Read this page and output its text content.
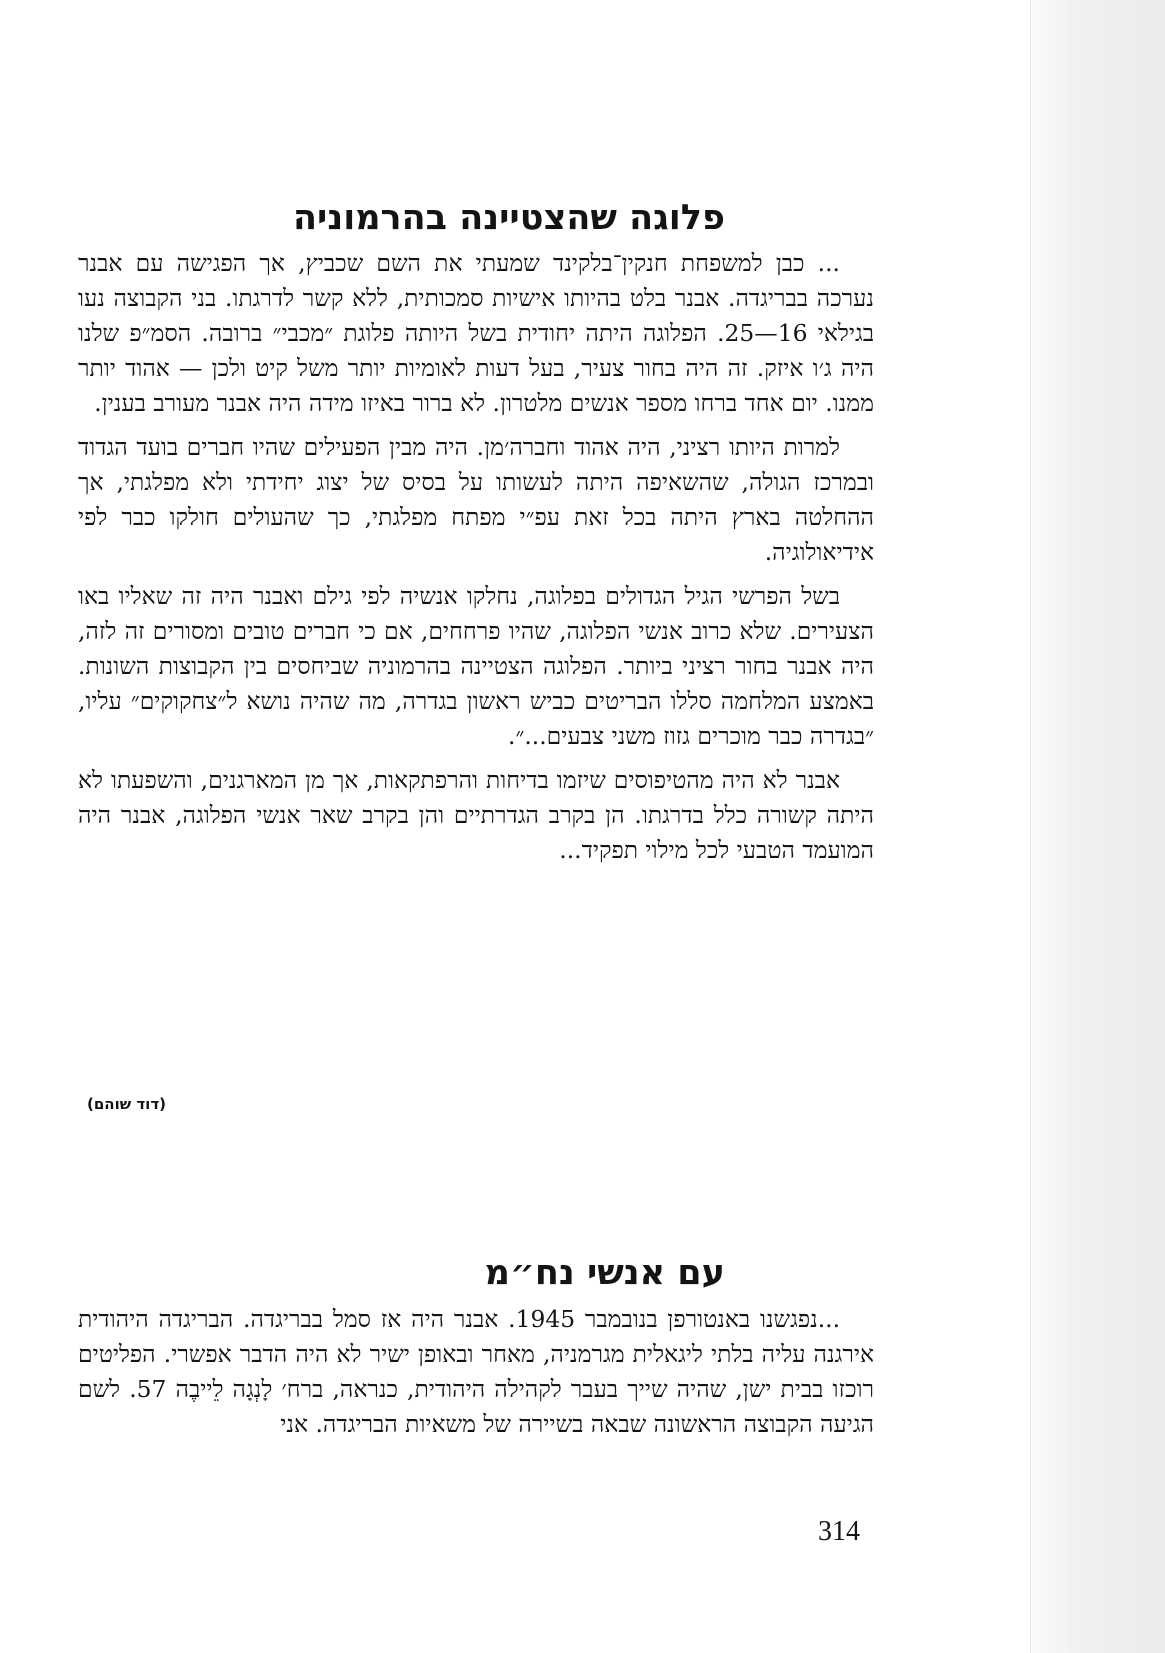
פלוגה שהצטיינה בהרמוניה

... כבן למשפחת חנקין־בלקינד שמעתי את השם שכביץ, אך הפגישה עם אבנר נערכה בבריגדה. אבנר בלט בהיותו אישיות סמכותית, ללא קשר לדרגתו. בני הקבוצה נעו בגילאי 16—25. הפלוגה היתה יחודית בשל היותה פלוגת ״מכבי״ ברובה. הסמ״פ שלנו היה ג׳ו איזק. זה היה בחור צעיר, בעל דעות לאומיות יותר משל קיט ולכן — אהוד יותר ממנו. יום אחד ברחו מספר אנשים מלטרון. לא ברור באיזו מידה היה אבנר מעורב בענין.

למרות היותו רציני, היה אהוד וחברה׳מן. היה מבין הפעילים שהיו חברים בועד הגדוד ובמרכז הגולה, שהשאיפה היתה לעשותו על בסיס של יצוג יחידתי ולא מפלגתי, אך ההחלטה בארץ היתה בכל זאת עפ״י מפתח מפלגתי, כך שהעולים חולקו כבר לפי אידיאולוגיה.

בשל הפרשי הגיל הגדולים בפלוגה, נחלקו אנשיה לפי גילם ואבנר היה זה שאליו באו הצעירים. שלא כרוב אנשי הפלוגה, שהיו פרחחים, אם כי חברים טובים ומסורים זה לזה, היה אבנר בחור רציני ביותר. הפלוגה הצטיינה בהרמוניה שביחסים בין הקבוצות השונות. באמצע המלחמה סללו הבריטים כביש ראשון בגדרה, מה שהיה נושא ל״צחקוקים״ עליו, ״בגדרה כבר מוכרים גזוז משני צבעים...״.

אבנר לא היה מהטיפוסים שיזמו בדיחות והרפתקאות, אך מן המארגנים, והשפעתו לא היתה קשורה כלל בדרגתו. הן בקרב הגדרתיים והן בקרב שאר אנשי הפלוגה, אבנר היה המועמד הטבעי לכל מילוי תפקיד...

(דוד שוהם)

עם אנשי נח״מ

...נפגשנו באנטורפן בנובמבר 1945. אבנר היה אז סמל בבריגדה. הבריגדה היהודית אירגנה עליה בלתי ליגאלית מגרמניה, מאחר ובאופן ישיר לא היה הדבר אפשרי. הפליטים רוכזו בבית ישן, שהיה שייך בעבר לקהילה היהודית, כנראה, ברח׳ לָנְגָה לֵייבֶה 57. לשם הגיעה הקבוצה הראשונה שבאה בשיירה של משאיות הבריגדה. אני

314
